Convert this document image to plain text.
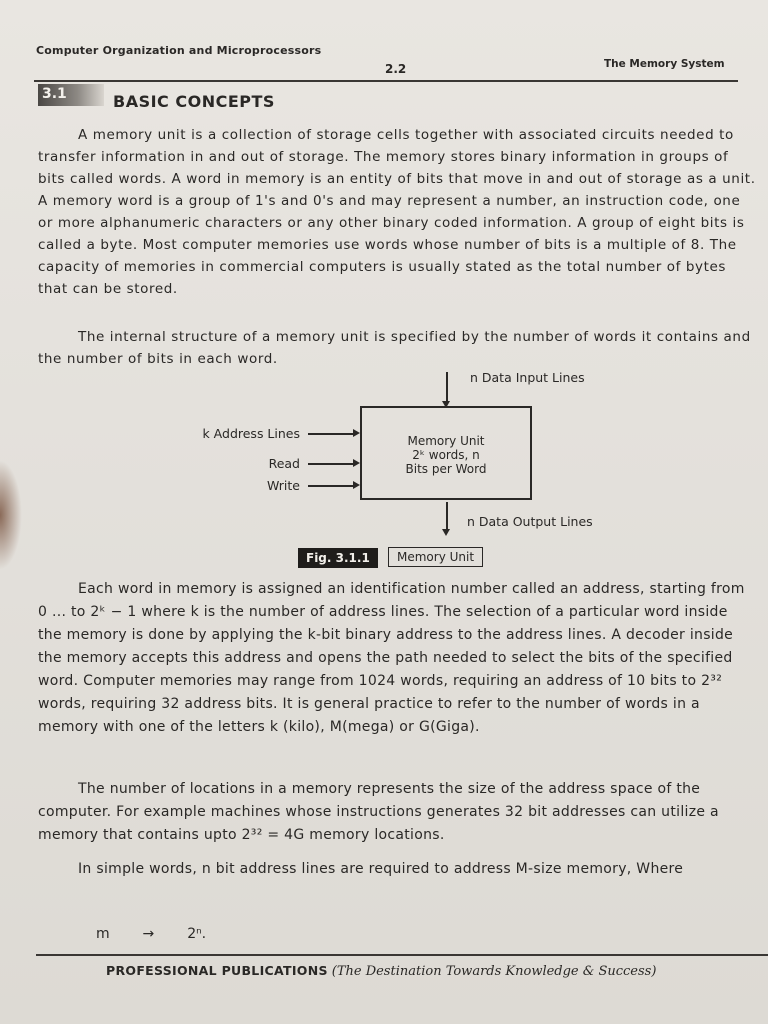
Computer Organization and Microprocessors
2.2	The Memory System
3.1	BASIC CONCEPTS

A memory unit is a collection of storage cells together with associated circuits needed to transfer information in and out of storage. The memory stores binary information in groups of bits called words. A word in memory is an entity of bits that move in and out of storage as a unit. A memory word is a group of 1's and 0's and may represent a number, an instruction code, one or more alphanumeric characters or any other binary coded information. A group of eight bits is called a byte. Most computer memories use words whose number of bits is a multiple of 8. The capacity of memories in commercial computers is usually stated as the total number of bytes that can be stored.

The internal structure of a memory unit is specified by the number of words it contains and the number of bits in each word.

n Data Input Lines
Memory Unit
2ᵏ words, n
Bits per Word
k Address Lines
Read
Write
n Data Output Lines
Fig. 3.1.1	Memory Unit

Each word in memory is assigned an identification number called an address, starting from 0 ... to 2ᵏ − 1 where k is the number of address lines. The selection of a particular word inside the memory is done by applying the k-bit binary address to the address lines. A decoder inside the memory accepts this address and opens the path needed to select the bits of the specified word. Computer memories may range from 1024 words, requiring an address of 10 bits to 2³² words, requiring 32 address bits. It is general practice to refer to the number of words in a memory with one of the letters k (kilo), M(mega) or G(Giga).

The number of locations in a memory represents the size of the address space of the computer. For example machines whose instructions generates 32 bit addresses can utilize a memory that contains upto 2³² = 4G memory locations.

In simple words, n bit address lines are required to address M-size memory, Where

m → 2ⁿ.
PROFESSIONAL PUBLICATIONS (The Destination Towards Knowledge & Success)
